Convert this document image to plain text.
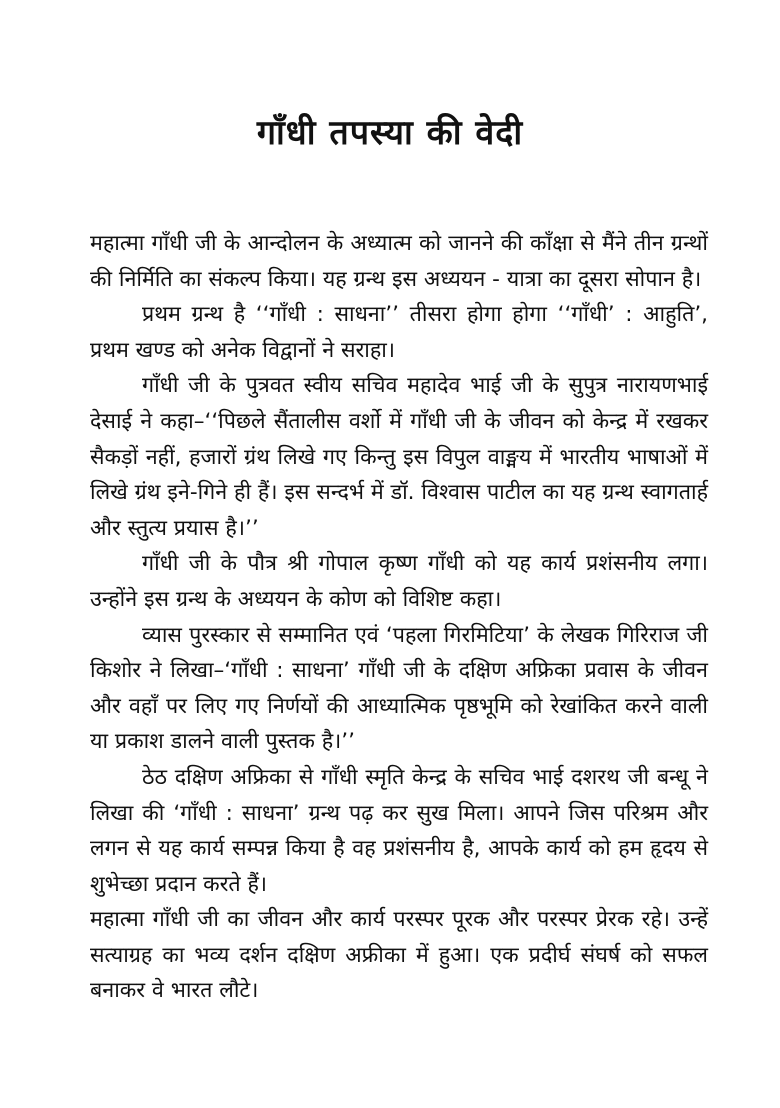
गाँधी तपस्या की वेदी

महात्मा गाँधी जी के आन्दोलन के अध्यात्म को जानने की काँक्षा से मैंने तीन ग्रन्थों की निर्मिति का संकल्प किया। यह ग्रन्थ इस अध्ययन - यात्रा का दूसरा सोपान है।

प्रथम ग्रन्थ है ‘‘गाँधी : साधना’’ तीसरा होगा होगा ‘‘गाँधी’ : आहुति’, प्रथम खण्ड को अनेक विद्वानों ने सराहा।

गाँधी जी के पुत्रवत स्वीय सचिव महादेव भाई जी के सुपुत्र नारायणभाई देसाई ने कहा–‘‘पिछले सैंतालीस वर्शो में गाँधी जी के जीवन को केन्द्र में रखकर सैकड़ों नहीं, हजारों ग्रंथ लिखे गए किन्तु इस विपुल वाङ्मय में भारतीय भाषाओं में लिखे ग्रंथ इने-गिने ही हैं। इस सन्दर्भ में डॉ. विश्वास पाटील का यह ग्रन्थ स्वागतार्ह और स्तुत्य प्रयास है।’’

गाँधी जी के पौत्र श्री गोपाल कृष्ण गाँधी को यह कार्य प्रशंसनीय लगा। उन्होंने इस ग्रन्थ के अध्ययन के कोण को विशिष्ट कहा।

व्यास पुरस्कार से सम्मानित एवं ‘पहला गिरमिटिया’ के लेखक गिरिराज जी किशोर ने लिखा–‘गाँधी : साधना’ गाँधी जी के दक्षिण अफ्रिका प्रवास के जीवन और वहाँ पर लिए गए निर्णयों की आध्यात्मिक पृष्ठभूमि को रेखांकित करने वाली या प्रकाश डालने वाली पुस्तक है।’’

ठेठ दक्षिण अफ्रिका से गाँधी स्मृति केन्द्र के सचिव भाई दशरथ जी बन्धू ने लिखा की ‘गाँधी : साधना’ ग्रन्थ पढ़ कर सुख मिला। आपने जिस परिश्रम और लगन से यह कार्य सम्पन्न किया है वह प्रशंसनीय है, आपके कार्य को हम हृदय से शुभेच्छा प्रदान करते हैं।

महात्मा गाँधी जी का जीवन और कार्य परस्पर पूरक और परस्पर प्रेरक रहे। उन्हें सत्याग्रह का भव्य दर्शन दक्षिण अफ्रीका में हुआ। एक प्रदीर्घ संघर्ष को सफल बनाकर वे भारत लौटे।
